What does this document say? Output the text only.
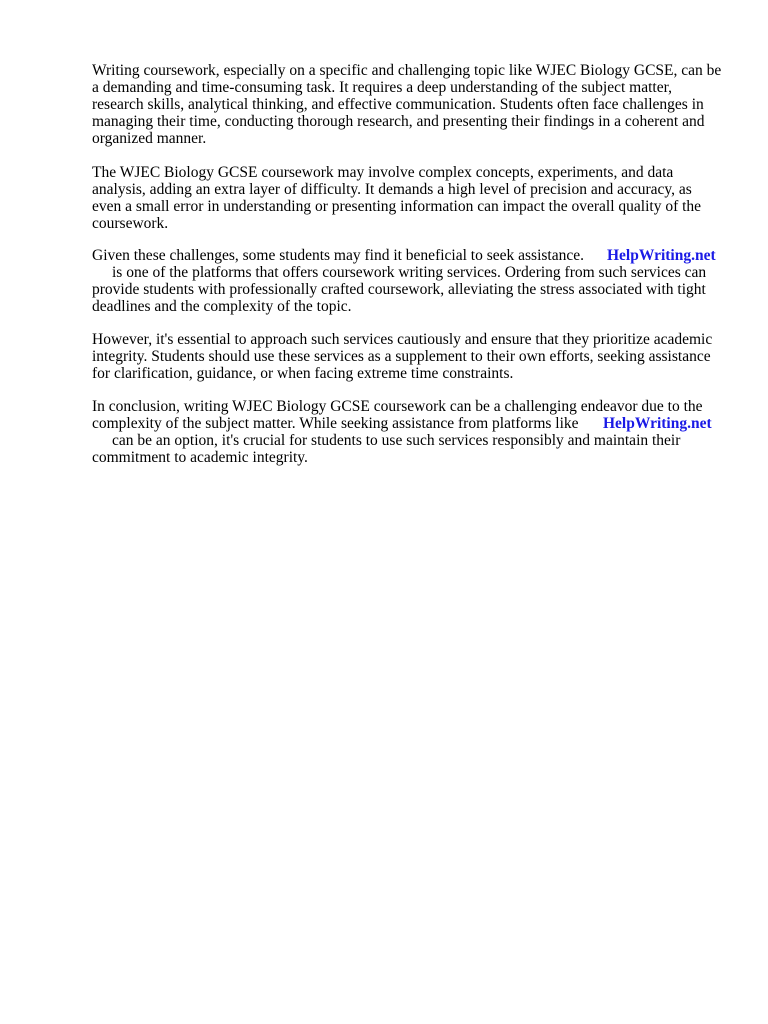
Writing coursework, especially on a specific and challenging topic like WJEC Biology GCSE, can be
a demanding and time-consuming task. It requires a deep understanding of the subject matter,
research skills, analytical thinking, and effective communication. Students often face challenges in
managing their time, conducting thorough research, and presenting their findings in a coherent and
organized manner.

The WJEC Biology GCSE coursework may involve complex concepts, experiments, and data
analysis, adding an extra layer of difficulty. It demands a high level of precision and accuracy, as
even a small error in understanding or presenting information can impact the overall quality of the
coursework.

Given these challenges, some students may find it beneficial to seek assistance.
is one of the platforms that offers coursework writing services. Ordering from such services can
provide students with professionally crafted coursework, alleviating the stress associated with tight
deadlines and the complexity of the topic.

HelpWriting.net

However, it's essential to approach such services cautiously and ensure that they prioritize academic
integrity. Students should use these services as a supplement to their own efforts, seeking assistance
for clarification, guidance, or when facing extreme time constraints.

In conclusion, writing WJEC Biology GCSE coursework can be a challenging endeavor due to the
complexity of the subject matter. While seeking assistance from platforms like
can be an option, it's crucial for students to use such services responsibly and maintain their
commitment to academic integrity.

HelpWriting.net
